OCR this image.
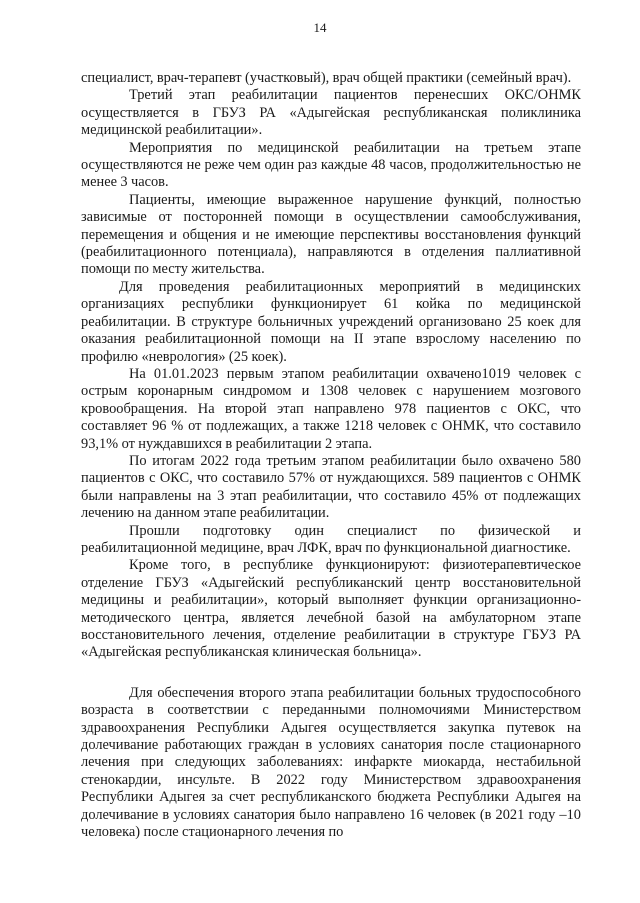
14

специалист, врач-терапевт (участковый), врач общей практики (семейный врач).

Третий этап реабилитации пациентов перенесших ОКС/ОНМК осуществляется в ГБУЗ РА «Адыгейская республиканская поликлиника медицинской реабилитации».

Мероприятия по медицинской реабилитации на третьем этапе осуществляются не реже чем один раз каждые 48 часов, продолжительностью не менее 3 часов.

Пациенты, имеющие выраженное нарушение функций, полностью зависимые от посторонней помощи в осуществлении самообслуживания, перемещения и общения и не имеющие перспективы восстановления функций (реабилитационного потенциала), направляются в отделения паллиативной помощи по месту жительства.

Для проведения реабилитационных мероприятий в медицинских организациях республики функционирует 61 койка по медицинской реабилитации. В структуре больничных учреждений организовано 25 коек для оказания реабилитационной помощи на II этапе взрослому населению по профилю «неврология» (25 коек).

На 01.01.2023 первым этапом реабилитации охвачено1019 человек с острым коронарным синдромом и 1308 человек с нарушением мозгового кровообращения. На второй этап направлено 978 пациентов с ОКС, что составляет 96 % от подлежащих, а также 1218 человек с ОНМК, что составило 93,1% от нуждавшихся в реабилитации 2 этапа.

По итогам 2022 года третьим этапом реабилитации было охвачено 580 пациентов с ОКС, что составило 57% от нуждающихся. 589 пациентов с ОНМК были направлены на 3 этап реабилитации, что составило 45% от подлежащих лечению на данном этапе реабилитации.

Прошли подготовку один специалист по физической и реабилитационной медицине, врач ЛФК, врач по функциональной диагностике.

Кроме того, в республике функционируют: физиотерапевтическое отделение ГБУЗ «Адыгейский республиканский центр восстановительной медицины и реабилитации», который выполняет функции организационно-методического центра, является лечебной базой на амбулаторном этапе восстановительного лечения, отделение реабилитации в структуре ГБУЗ РА «Адыгейская республиканская клиническая больница».

Для обеспечения второго этапа реабилитации больных трудоспособного возраста в соответствии с переданными полномочиями Министерством здравоохранения Республики Адыгея осуществляется закупка путевок на долечивание работающих граждан в условиях санатория после стационарного лечения при следующих заболеваниях: инфаркте миокарда, нестабильной стенокардии, инсульте. В 2022 году Министерством здравоохранения Республики Адыгея за счет республиканского бюджета Республики Адыгея на долечивание в условиях санатория было направлено 16 человек (в 2021 году –10 человека) после стационарного лечения по
